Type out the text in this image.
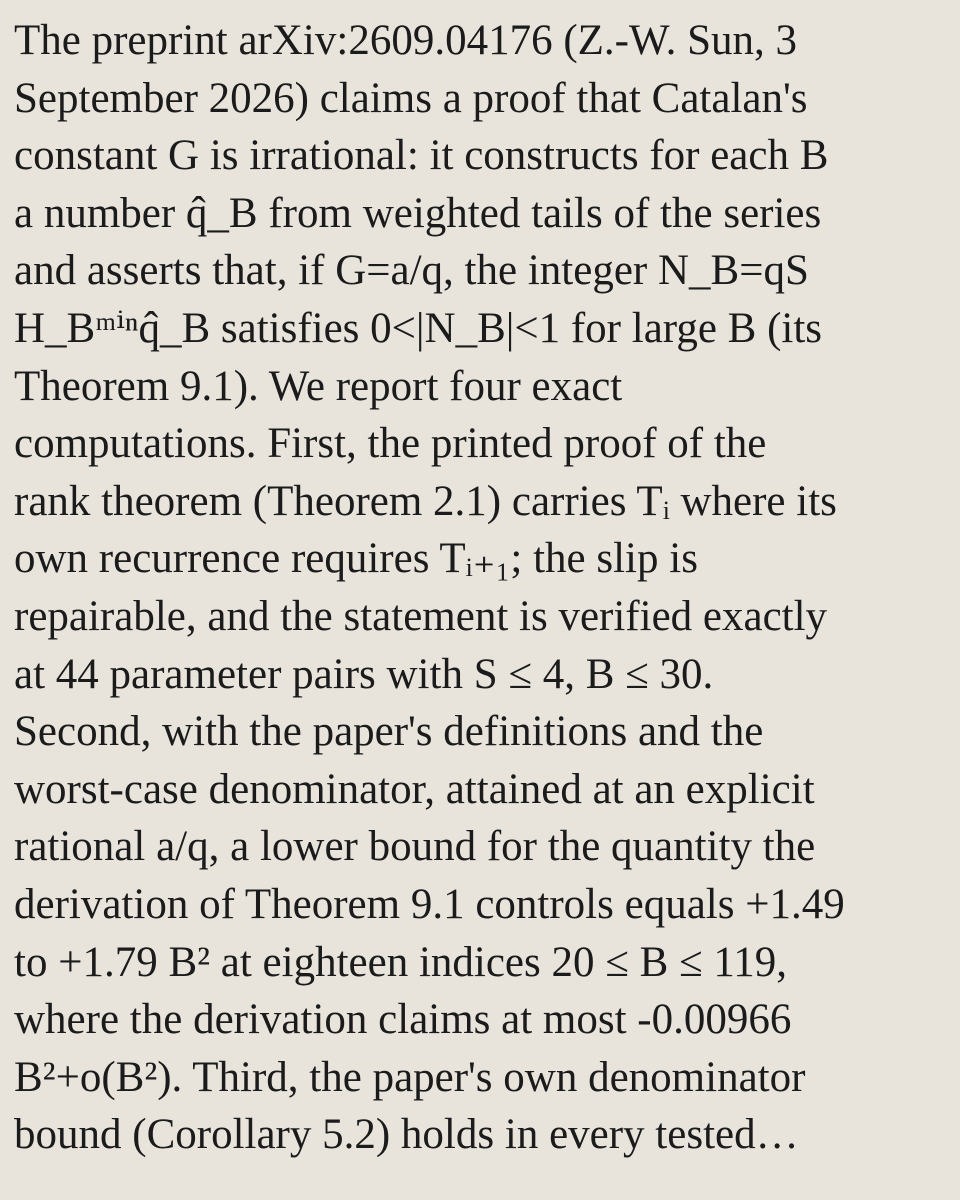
The preprint arXiv:2609.04176 (Z.-W. Sun, 3
September 2026) claims a proof that Catalan's
constant G is irrational: it constructs for each B
a number q̂_B from weighted tails of the series
and asserts that, if G=a/q, the integer N_B=qS
H_Bᵐⁱⁿq̂_B satisfies 0<|N_B|<1 for large B (its
Theorem 9.1). We report four exact
computations. First, the printed proof of the
rank theorem (Theorem 2.1) carries Tᵢ where its
own recurrence requires Tᵢ₊₁; the slip is
repairable, and the statement is verified exactly
at 44 parameter pairs with S ≤ 4, B ≤ 30.
Second, with the paper's definitions and the
worst-case denominator, attained at an explicit
rational a/q, a lower bound for the quantity the
derivation of Theorem 9.1 controls equals +1.49
to +1.79 B² at eighteen indices 20 ≤ B ≤ 119,
where the derivation claims at most -0.00966
B²+o(B²). Third, the paper's own denominator
bound (Corollary 5.2) holds in every tested…
